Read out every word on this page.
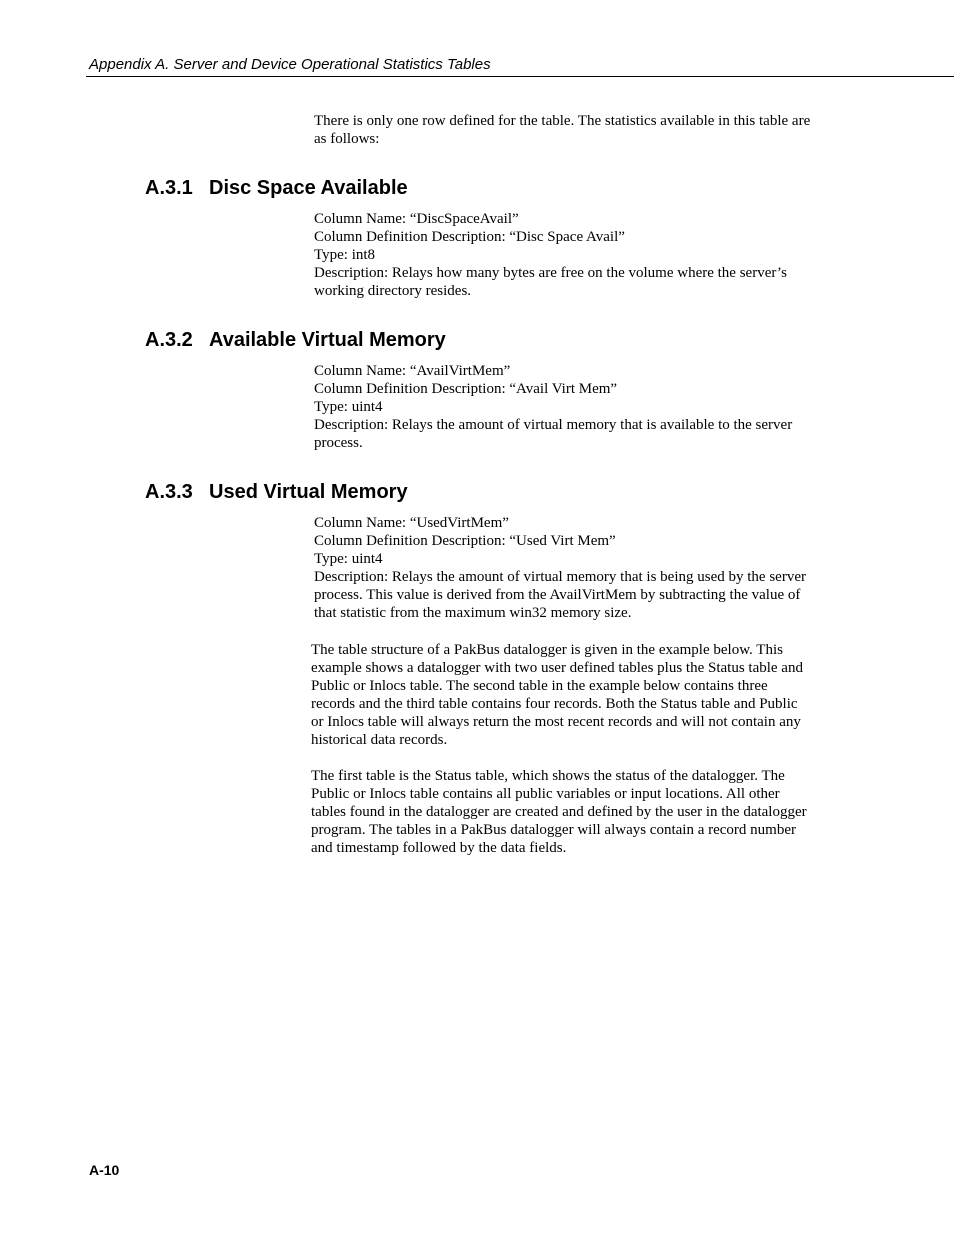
Appendix A. Server and Device Operational Statistics Tables

There is only one row defined for the table. The statistics available in this table are as follows:

A.3.1 Disc Space Available

Column Name: “DiscSpaceAvail”

Column Definition Description: “Disc Space Avail”

Type: int8

Description: Relays how many bytes are free on the volume where the server’s working directory resides.

A.3.2 Available Virtual Memory

Column Name: “AvailVirtMem”

Column Definition Description: “Avail Virt Mem”

Type: uint4

Description: Relays the amount of virtual memory that is available to the server process.

A.3.3 Used Virtual Memory

Column Name: “UsedVirtMem”

Column Definition Description: “Used Virt Mem”

Type: uint4

Description: Relays the amount of virtual memory that is being used by the server process. This value is derived from the AvailVirtMem by subtracting the value of that statistic from the maximum win32 memory size.

The table structure of a PakBus datalogger is given in the example below. This example shows a datalogger with two user defined tables plus the Status table and Public or Inlocs table. The second table in the example below contains three records and the third table contains four records. Both the Status table and Public or Inlocs table will always return the most recent records and will not contain any historical data records.

The first table is the Status table, which shows the status of the datalogger. The Public or Inlocs table contains all public variables or input locations. All other tables found in the datalogger are created and defined by the user in the datalogger program. The tables in a PakBus datalogger will always contain a record number and timestamp followed by the data fields.

A-10
